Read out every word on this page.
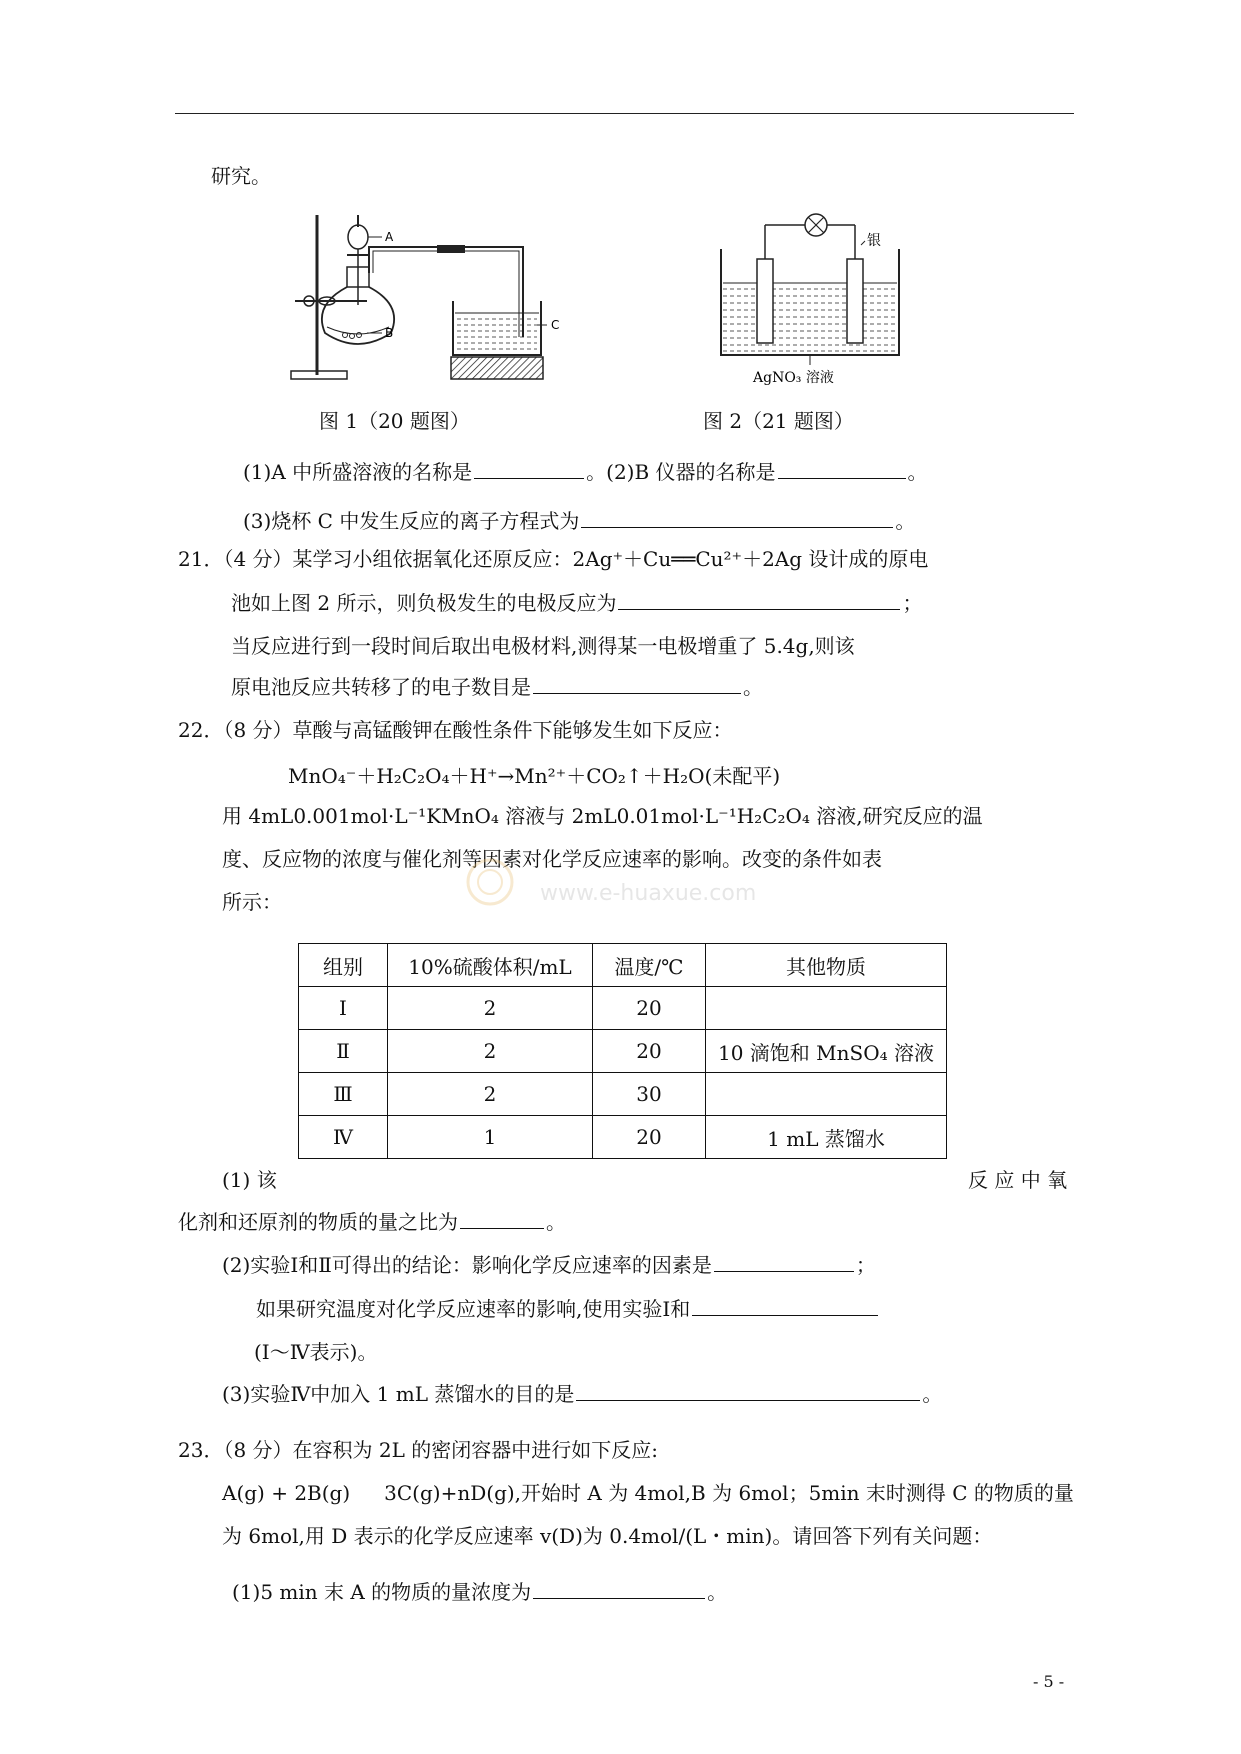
研究。
A
B
C
银
AgNO₃ 溶液
图 1（20 题图）	图 2（21 题图）
(1)A 中所盛溶液的名称是	。(2)B 仪器的名称是	。
(3)烧杯 C 中发生反应的离子方程式为	。
21．（4 分）某学习小组依据氧化还原反应：2Ag⁺＋Cu══Cu²⁺＋2Ag 设计成的原电
池如上图 2 所示，则负极发生的电极反应为	；
当反应进行到一段时间后取出电极材料,测得某一电极增重了 5.4g,则该
原电池反应共转移了的电子数目是	。
22．（8 分）草酸与高锰酸钾在酸性条件下能够发生如下反应：
MnO₄⁻＋H₂C₂O₄＋H⁺→Mn²⁺＋CO₂↑＋H₂O(未配平)
用 4mL0.001mol·L⁻¹KMnO₄ 溶液与 2mL0.01mol·L⁻¹H₂C₂O₄ 溶液,研究反应的温
度、反应物的浓度与催化剂等因素对化学反应速率的影响。改变的条件如表
所示：	www.e-huaxue.com
组别	10%硫酸体积/mL	温度/℃	其他物质
Ⅰ	2	20	
Ⅱ	2	20	10 滴饱和 MnSO₄ 溶液
Ⅲ	2	30	
Ⅳ	1	20	1 mL 蒸馏水
(1) 该	反 应 中 氧
化剂和还原剂的物质的量之比为	。
(2)实验Ⅰ和Ⅱ可得出的结论：影响化学反应速率的因素是	；
如果研究温度对化学反应速率的影响,使用实验Ⅰ和
(Ⅰ～Ⅳ表示)。
(3)实验Ⅳ中加入 1 mL 蒸馏水的目的是	。
23．（8 分）在容积为 2L 的密闭容器中进行如下反应:
A(g) + 2B(g) 3C(g)+nD(g),开始时 A 为 4mol,B 为 6mol；5min 末时测得 C 的物质的量
为 6mol,用 D 表示的化学反应速率 v(D)为 0.4mol/(L・min)。请回答下列有关问题：
(1)5 min 末 A 的物质的量浓度为	。
- 5 -
